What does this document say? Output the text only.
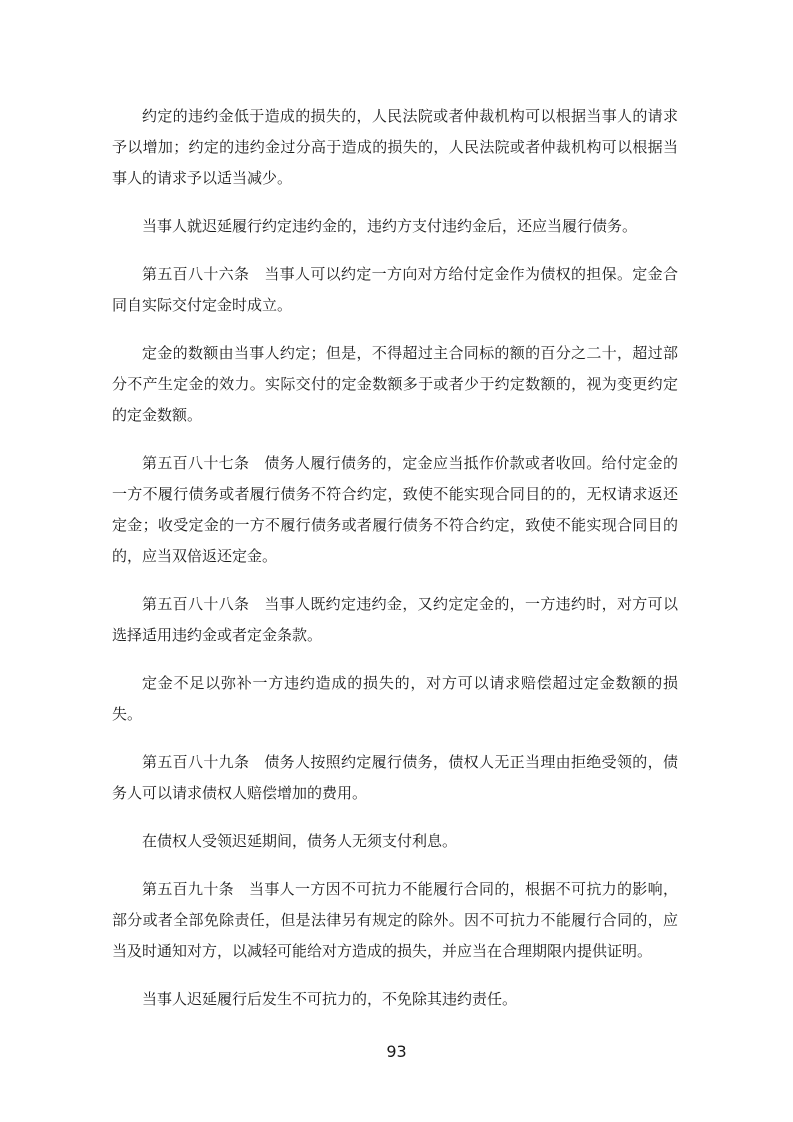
约定的违约金低于造成的损失的，人民法院或者仲裁机构可以根据当事人的请求予以增加；约定的违约金过分高于造成的损失的，人民法院或者仲裁机构可以根据当事人的请求予以适当减少。

当事人就迟延履行约定违约金的，违约方支付违约金后，还应当履行债务。

第五百八十六条 当事人可以约定一方向对方给付定金作为债权的担保。定金合同自实际交付定金时成立。

定金的数额由当事人约定；但是，不得超过主合同标的额的百分之二十，超过部分不产生定金的效力。实际交付的定金数额多于或者少于约定数额的，视为变更约定的定金数额。

第五百八十七条 债务人履行债务的，定金应当抵作价款或者收回。给付定金的一方不履行债务或者履行债务不符合约定，致使不能实现合同目的的，无权请求返还定金；收受定金的一方不履行债务或者履行债务不符合约定，致使不能实现合同目的的，应当双倍返还定金。

第五百八十八条 当事人既约定违约金，又约定定金的，一方违约时，对方可以选择适用违约金或者定金条款。

定金不足以弥补一方违约造成的损失的，对方可以请求赔偿超过定金数额的损失。

第五百八十九条 债务人按照约定履行债务，债权人无正当理由拒绝受领的，债务人可以请求债权人赔偿增加的费用。

在债权人受领迟延期间，债务人无须支付利息。

第五百九十条 当事人一方因不可抗力不能履行合同的，根据不可抗力的影响，部分或者全部免除责任，但是法律另有规定的除外。因不可抗力不能履行合同的，应当及时通知对方，以减轻可能给对方造成的损失，并应当在合理期限内提供证明。

当事人迟延履行后发生不可抗力的，不免除其违约责任。

93
